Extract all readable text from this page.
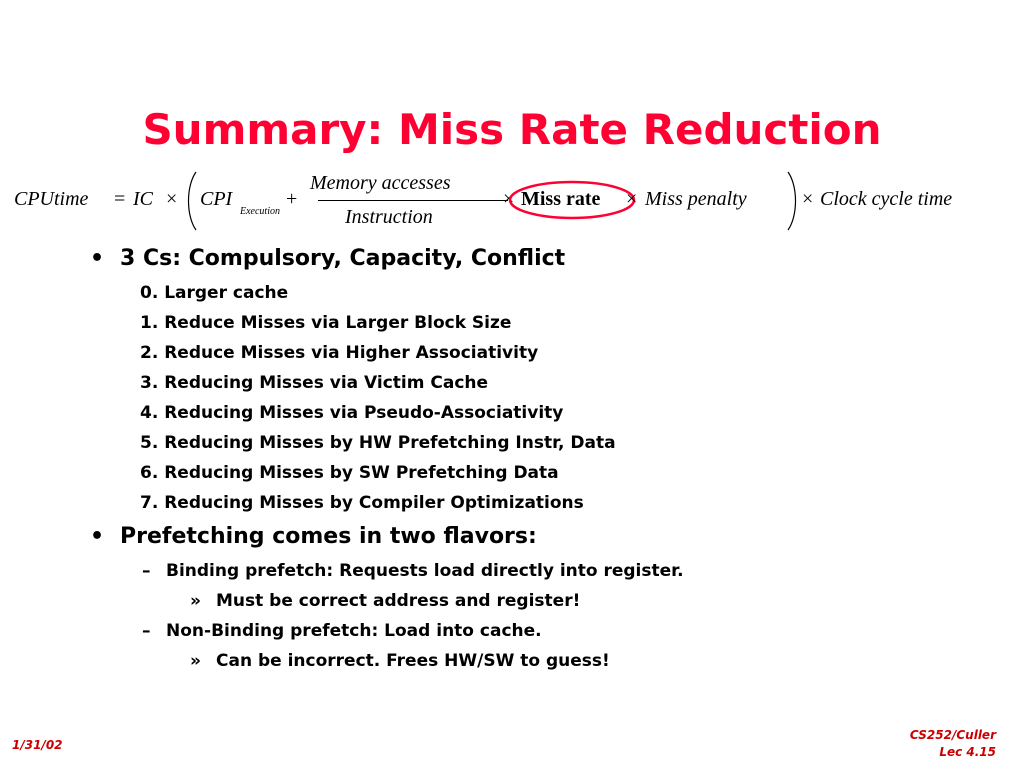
Summary: Miss Rate Reduction
CPUtime = IC × CPI
Execution
+
Memory accesses
Instruction
× Miss rate × Miss penalty	× Clock cycle time
• 3 Cs: Compulsory, Capacity, Conflict
0. Larger cache
1. Reduce Misses via Larger Block Size
2. Reduce Misses via Higher Associativity
3. Reducing Misses via Victim Cache
4. Reducing Misses via Pseudo-Associativity
5. Reducing Misses by HW Prefetching Instr, Data
6. Reducing Misses by SW Prefetching Data
7. Reducing Misses by Compiler Optimizations
• Prefetching comes in two flavors:
– Binding prefetch: Requests load directly into register.
» Must be correct address and register!
– Non-Binding prefetch: Load into cache.
» Can be incorrect. Frees HW/SW to guess!
1/31/02
CS252/Culler
Lec 4.15
